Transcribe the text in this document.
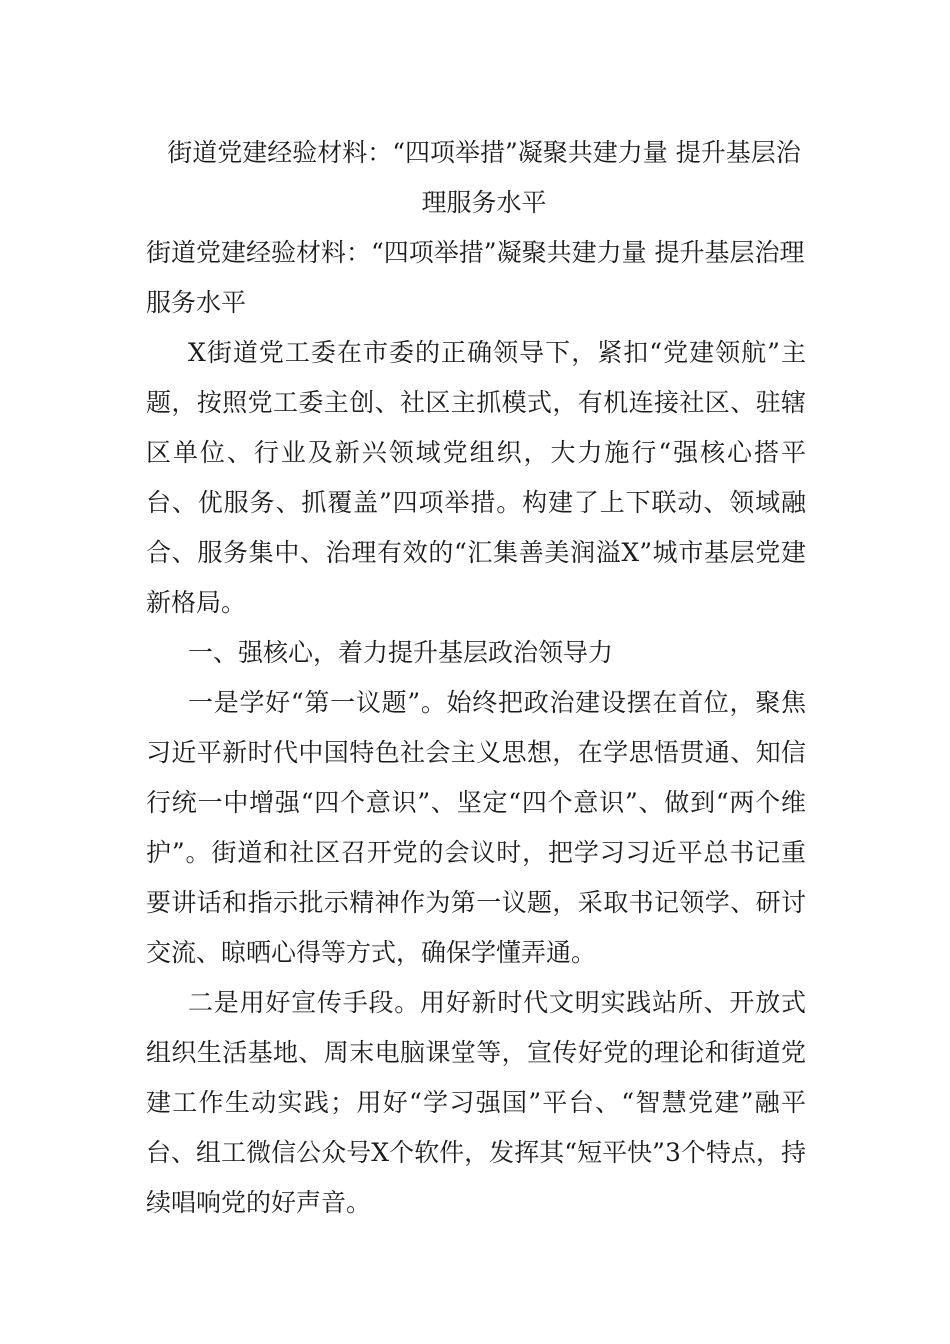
街道党建经验材料：“四项举措”凝聚共建力量 提升基层治理服务水平
街道党建经验材料：“四项举措”凝聚共建力量 提升基层治理服务水平

X街道党工委在市委的正确领导下，紧扣“党建领航”主题，按照党工委主创、社区主抓模式，有机连接社区、驻辖区单位、行业及新兴领域党组织，大力施行“强核心搭平台、优服务、抓覆盖”四项举措。构建了上下联动、领域融合、服务集中、治理有效的“汇集善美润溢X”城市基层党建新格局。

一、强核心，着力提升基层政治领导力

一是学好“第一议题”。始终把政治建设摆在首位，聚焦习近平新时代中国特色社会主义思想，在学思悟贯通、知信行统一中增强“四个意识”、坚定“四个意识”、做到“两个维护”。街道和社区召开党的会议时，把学习习近平总书记重要讲话和指示批示精神作为第一议题，采取书记领学、研讨交流、晾晒心得等方式，确保学懂弄通。

二是用好宣传手段。用好新时代文明实践站所、开放式组织生活基地、周末电脑课堂等，宣传好党的理论和街道党建工作生动实践；用好“学习强国”平台、“智慧党建”融平台、组工微信公众号X个软件，发挥其“短平快”3个特点，持续唱响党的好声音。
